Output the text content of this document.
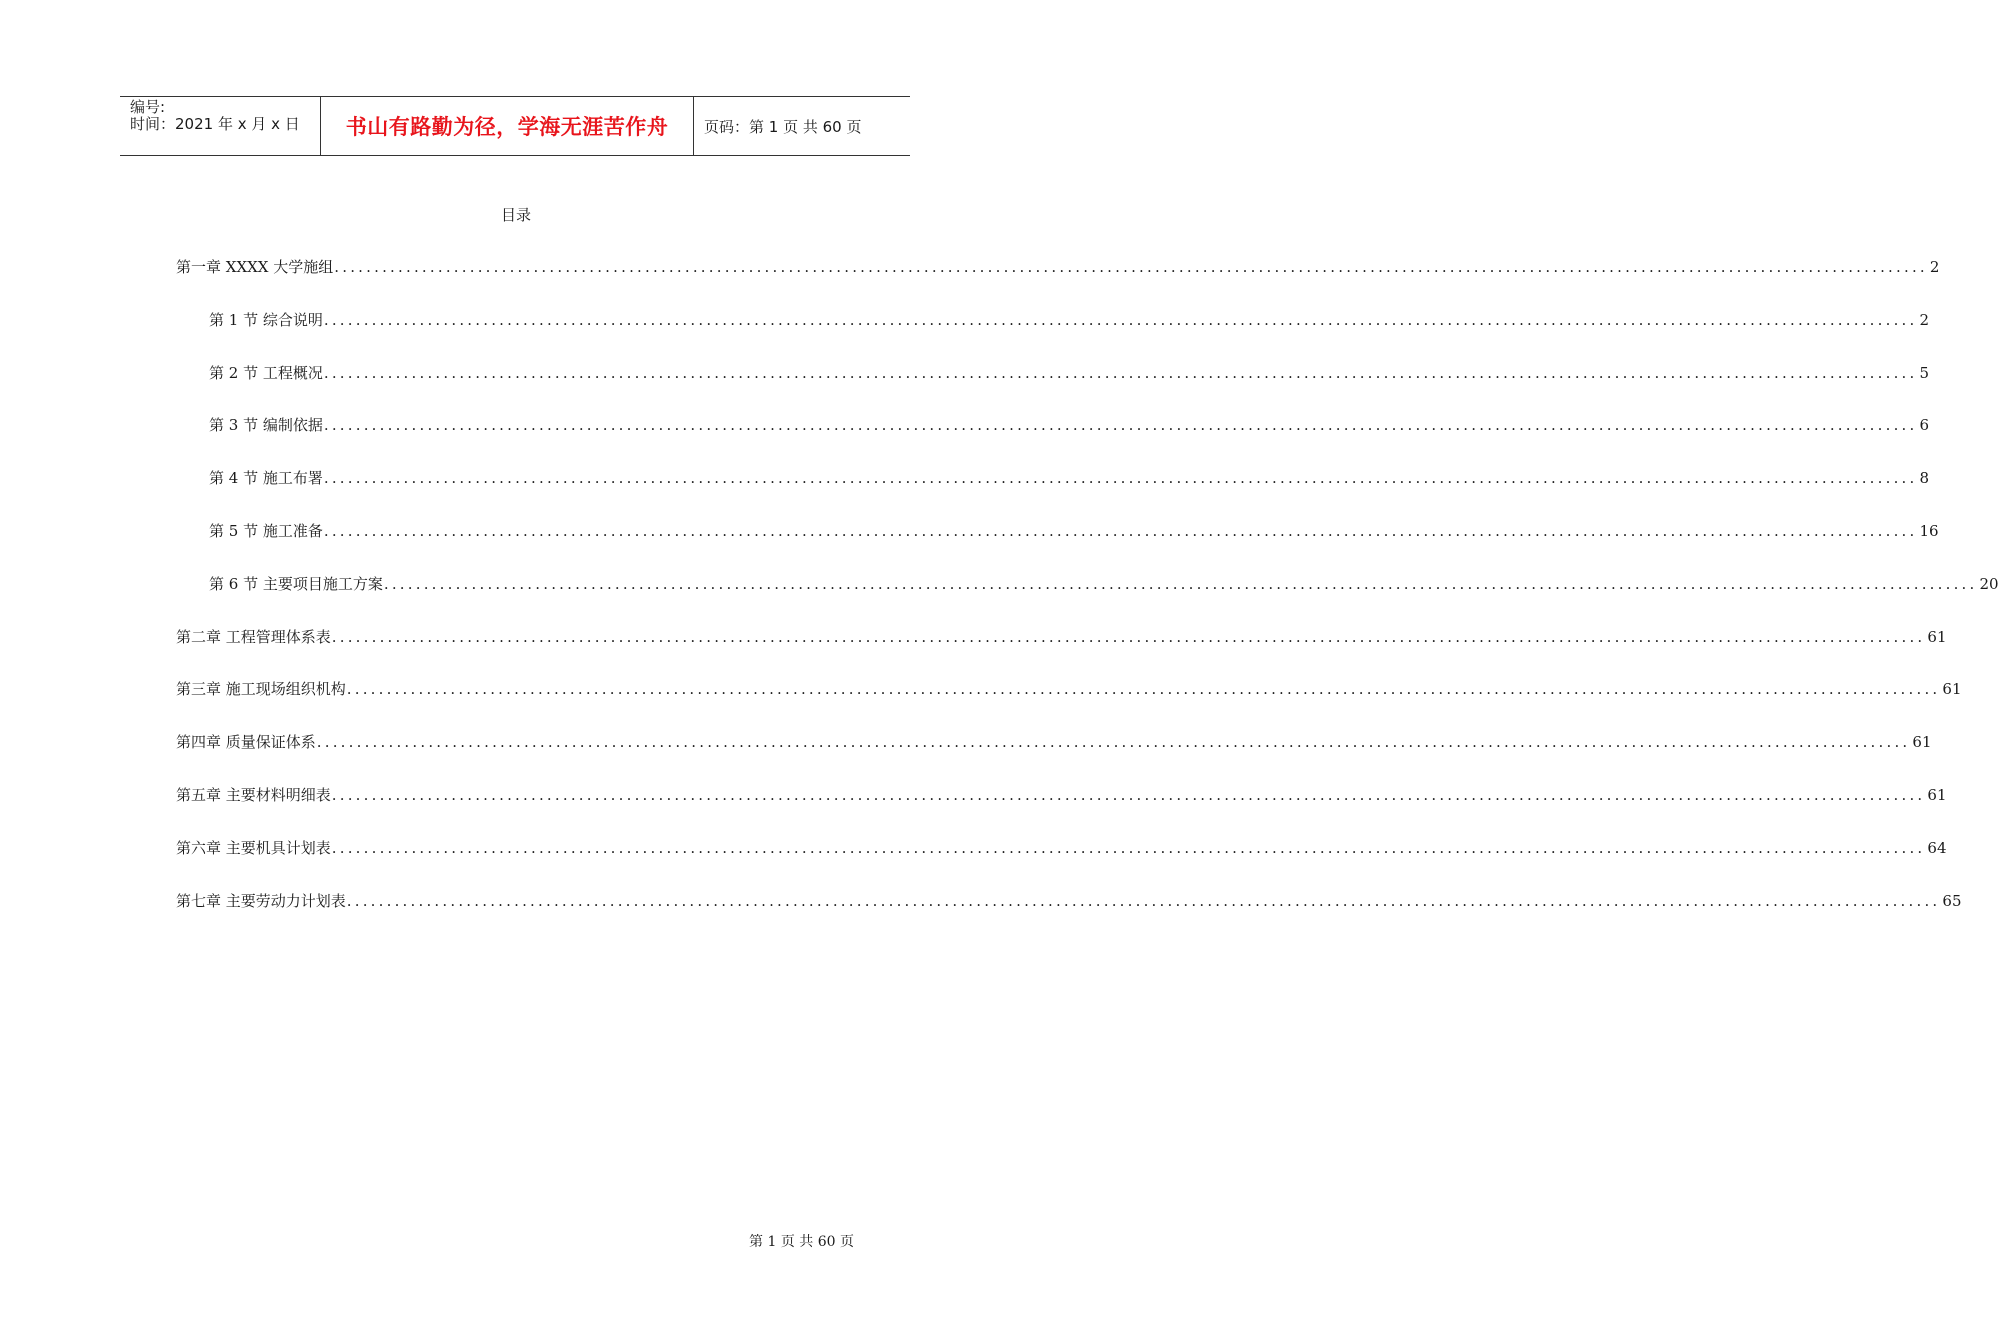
编号:
时间：2021 年 x 月 x 日	书山有路勤为径，学海无涯苦作舟 页码：第 1 页 共 60 页
目录
第一章 XXXX 大学施组 ........................................................................................................................................................................................................ 2
第 1 节 综合说明 ........................................................................................................................................................................................................ 2
第 2 节 工程概况 ........................................................................................................................................................................................................ 5
第 3 节 编制依据 ........................................................................................................................................................................................................ 6
第 4 节 施工布署 ........................................................................................................................................................................................................ 8
第 5 节 施工准备 ........................................................................................................................................................................................................ 16
第 6 节 主要项目施工方案 ........................................................................................................................................................................................................ 20
第二章 工程管理体系表 ........................................................................................................................................................................................................ 61
第三章 施工现场组织机构 ........................................................................................................................................................................................................ 61
第四章 质量保证体系 ........................................................................................................................................................................................................ 61
第五章 主要材料明细表 ........................................................................................................................................................................................................ 61
第六章 主要机具计划表 ........................................................................................................................................................................................................ 64
第七章 主要劳动力计划表 ........................................................................................................................................................................................................ 65
第 1 页 共 60 页
